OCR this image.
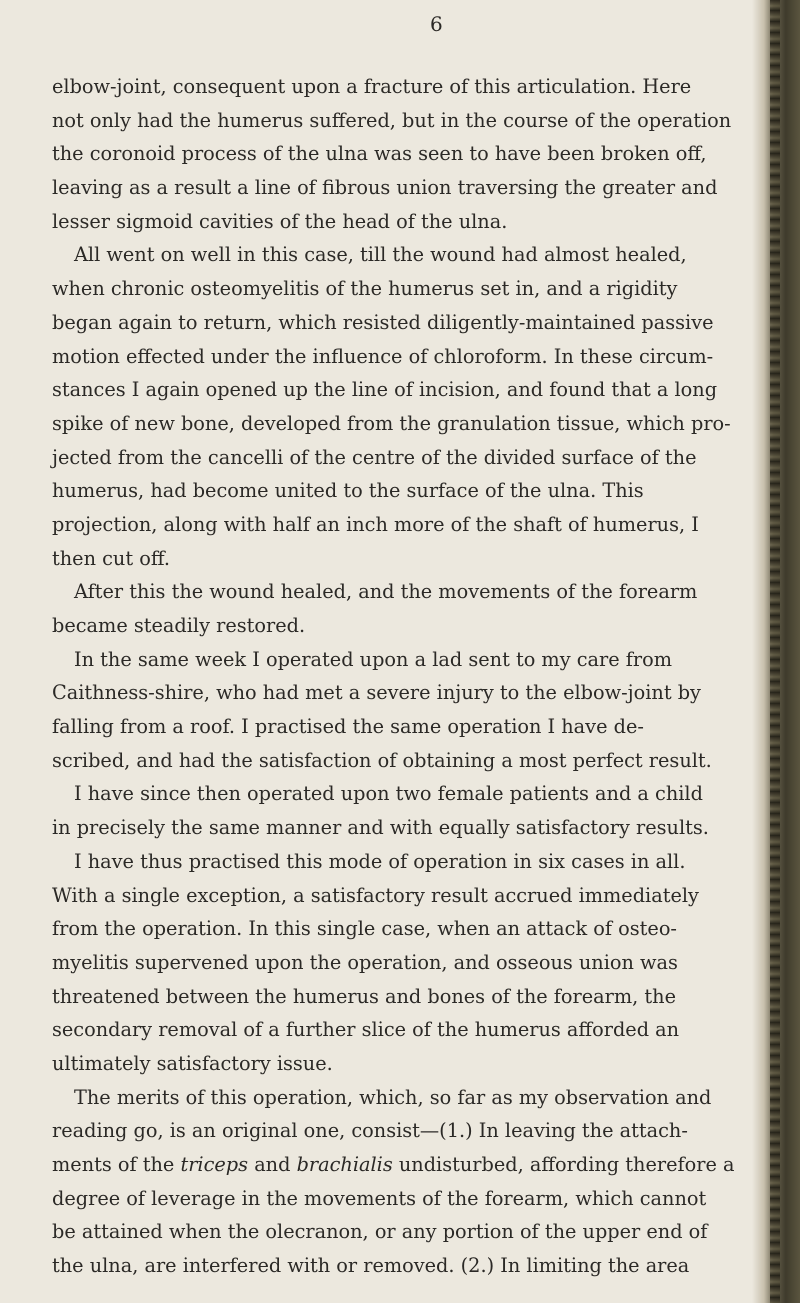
6
elbow-joint, consequent upon a fracture of this articulation. Here
not only had the humerus suffered, but in the course of the operation
the coronoid process of the ulna was seen to have been broken off,
leaving as a result a line of fibrous union traversing the greater and
lesser sigmoid cavities of the head of the ulna.
All went on well in this case, till the wound had almost healed,
when chronic osteomyelitis of the humerus set in, and a rigidity
began again to return, which resisted diligently-maintained passive
motion effected under the influence of chloroform. In these circum-
stances I again opened up the line of incision, and found that a long
spike of new bone, developed from the granulation tissue, which pro-
jected from the cancelli of the centre of the divided surface of the
humerus, had become united to the surface of the ulna. This
projection, along with half an inch more of the shaft of humerus, I
then cut off.
After this the wound healed, and the movements of the forearm
became steadily restored.
In the same week I operated upon a lad sent to my care from
Caithness-shire, who had met a severe injury to the elbow-joint by
falling from a roof. I practised the same operation I have de-
scribed, and had the satisfaction of obtaining a most perfect result.
I have since then operated upon two female patients and a child
in precisely the same manner and with equally satisfactory results.
I have thus practised this mode of operation in six cases in all.
With a single exception, a satisfactory result accrued immediately
from the operation. In this single case, when an attack of osteo-
myelitis supervened upon the operation, and osseous union was
threatened between the humerus and bones of the forearm, the
secondary removal of a further slice of the humerus afforded an
ultimately satisfactory issue.
The merits of this operation, which, so far as my observation and
reading go, is an original one, consist—(1.) In leaving the attach-
ments of the triceps and brachialis undisturbed, affording therefore a
degree of leverage in the movements of the forearm, which cannot
be attained when the olecranon, or any portion of the upper end of
the ulna, are interfered with or removed. (2.) In limiting the area
